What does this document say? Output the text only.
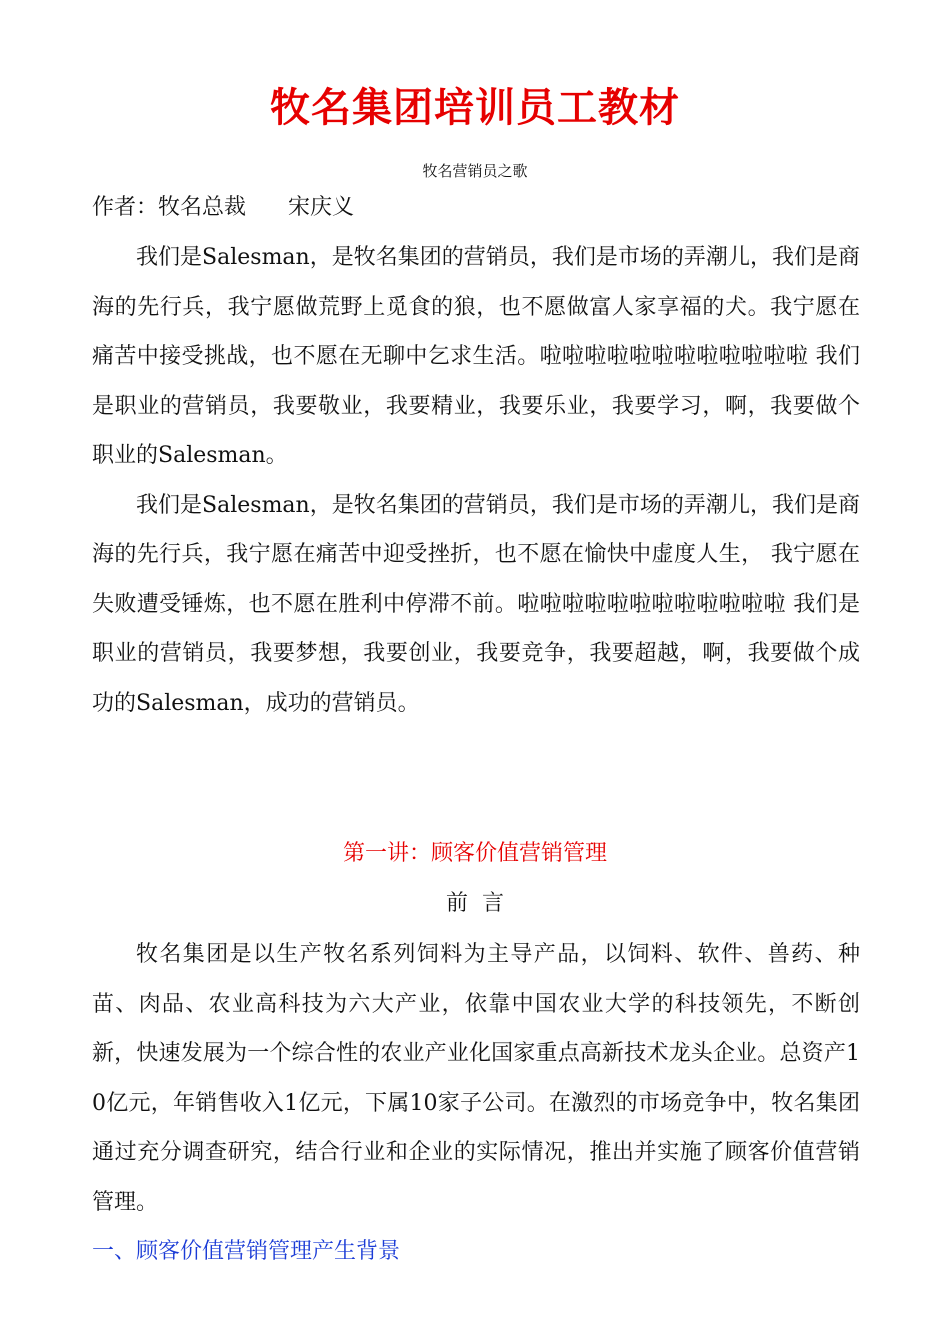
牧名集团培训员工教材
牧名营销员之歌
作者：牧名总裁      宋庆义

我们是Salesman，是牧名集团的营销员，我们是市场的弄潮儿，我们是商海的先行兵，我宁愿做荒野上觅食的狼，也不愿做富人家享福的犬。我宁愿在痛苦中接受挑战，也不愿在无聊中乞求生活。啦啦啦啦啦啦啦啦啦啦啦啦 我们是职业的营销员，我要敬业，我要精业，我要乐业，我要学习，啊，我要做个职业的Salesman。

我们是Salesman，是牧名集团的营销员，我们是市场的弄潮儿，我们是商海的先行兵，我宁愿在痛苦中迎受挫折，也不愿在愉快中虚度人生， 我宁愿在失败遭受锤炼，也不愿在胜利中停滞不前。啦啦啦啦啦啦啦啦啦啦啦啦 我们是职业的营销员，我要梦想，我要创业，我要竞争，我要超越，啊，我要做个成功的Salesman，成功的营销员。

第一讲：顾客价值营销管理
前言

牧名集团是以生产牧名系列饲料为主导产品，以饲料、软件、兽药、种苗、肉品、农业高科技为六大产业，依靠中国农业大学的科技领先，不断创新，快速发展为一个综合性的农业产业化国家重点高新技术龙头企业。总资产10亿元，年销售收入1亿元，下属10家子公司。在激烈的市场竞争中，牧名集团通过充分调查研究，结合行业和企业的实际情况，推出并实施了顾客价值营销管理。

一、顾客价值营销管理产生背景
